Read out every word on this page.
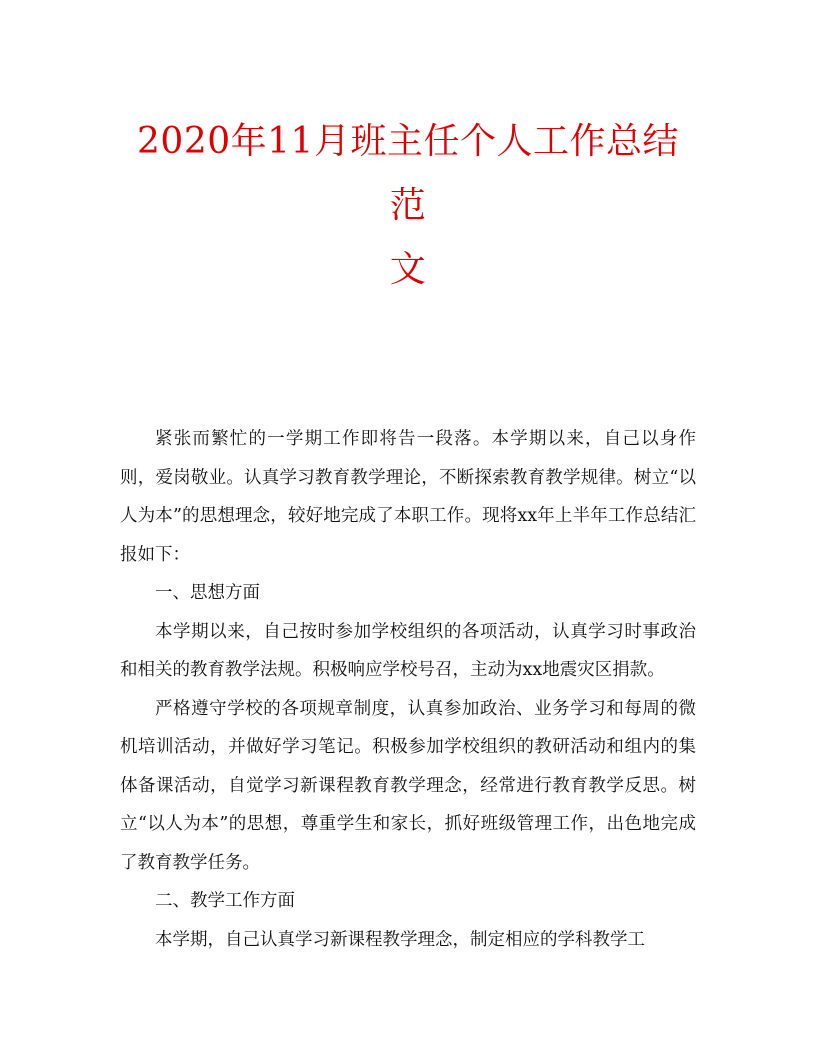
2020年11月班主任个人工作总结范
文

紧张而繁忙的一学期工作即将告一段落。本学期以来，自己以身作则，爱岗敬业。认真学习教育教学理论，不断探索教育教学规律。树立“以人为本”的思想理念，较好地完成了本职工作。现将xx年上半年工作总结汇报如下：

一、思想方面

本学期以来，自己按时参加学校组织的各项活动，认真学习时事政治和相关的教育教学法规。积极响应学校号召，主动为xx地震灾区捐款。

严格遵守学校的各项规章制度，认真参加政治、业务学习和每周的微机培训活动，并做好学习笔记。积极参加学校组织的教研活动和组内的集体备课活动，自觉学习新课程教育教学理念，经常进行教育教学反思。树立“以人为本”的思想，尊重学生和家长，抓好班级管理工作，出色地完成了教育教学任务。

二、教学工作方面

本学期，自己认真学习新课程教学理念，制定相应的学科教学工
